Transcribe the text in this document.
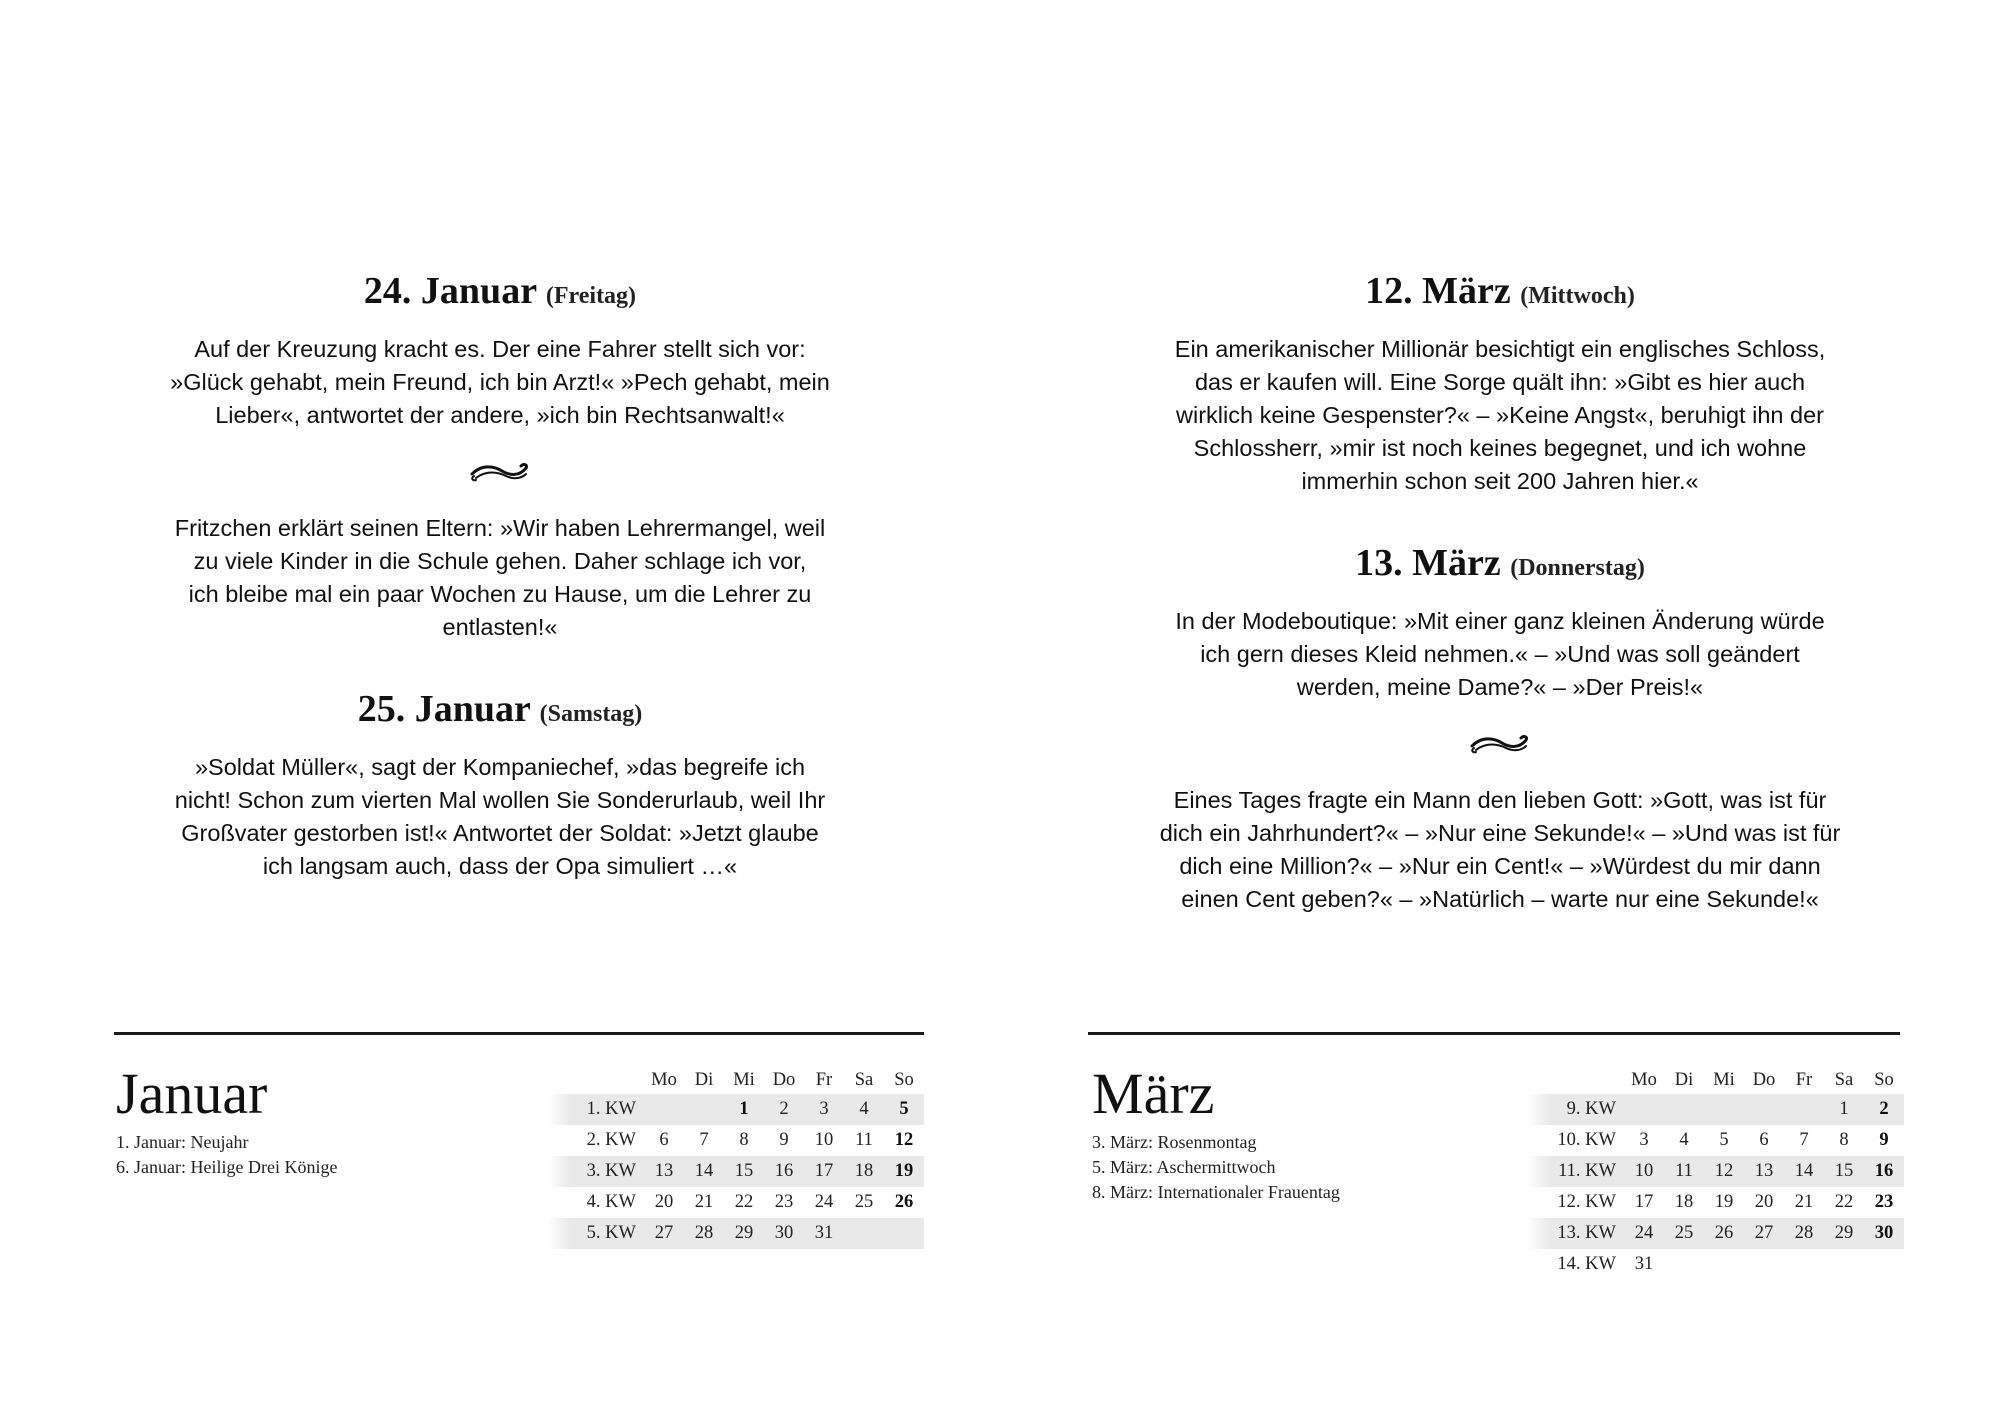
24. Januar (Freitag)
Auf der Kreuzung kracht es. Der eine Fahrer stellt sich vor:
»Glück gehabt, mein Freund, ich bin Arzt!« »Pech gehabt, mein
Lieber«, antwortet der andere, »ich bin Rechtsanwalt!«
Fritzchen erklärt seinen Eltern: »Wir haben Lehrermangel, weil
zu viele Kinder in die Schule gehen. Daher schlage ich vor,
ich bleibe mal ein paar Wochen zu Hause, um die Lehrer zu
entlasten!«
25. Januar (Samstag)
»Soldat Müller«, sagt der Kompaniechef, »das begreife ich
nicht! Schon zum vierten Mal wollen Sie Sonderurlaub, weil Ihr
Großvater gestorben ist!« Antwortet der Soldat: »Jetzt glaube
ich langsam auch, dass der Opa simuliert …«
Januar
1. Januar: Neujahr
6. Januar: Heilige Drei Könige
	Mo	Di	Mi	Do	Fr	Sa	So
1. KW			1	2	3	4	5
2. KW	6	7	8	9	10	11	12
3. KW	13	14	15	16	17	18	19
4. KW	20	21	22	23	24	25	26
5. KW	27	28	29	30	31		
12. März (Mittwoch)
Ein amerikanischer Millionär besichtigt ein englisches Schloss,
das er kaufen will. Eine Sorge quält ihn: »Gibt es hier auch
wirklich keine Gespenster?« – »Keine Angst«, beruhigt ihn der
Schlossherr, »mir ist noch keines begegnet, und ich wohne
immerhin schon seit 200 Jahren hier.«
13. März (Donnerstag)
In der Modeboutique: »Mit einer ganz kleinen Änderung würde
ich gern dieses Kleid nehmen.« – »Und was soll geändert
werden, meine Dame?« – »Der Preis!«
Eines Tages fragte ein Mann den lieben Gott: »Gott, was ist für
dich ein Jahrhundert?« – »Nur eine Sekunde!« – »Und was ist für
dich eine Million?« – »Nur ein Cent!« – »Würdest du mir dann
einen Cent geben?« – »Natürlich – warte nur eine Sekunde!«
März
3. März: Rosenmontag
5. März: Aschermittwoch
8. März: Internationaler Frauentag
	Mo	Di	Mi	Do	Fr	Sa	So
9. KW						1	2
10. KW	3	4	5	6	7	8	9
11. KW	10	11	12	13	14	15	16
12. KW	17	18	19	20	21	22	23
13. KW	24	25	26	27	28	29	30
14. KW	31						
